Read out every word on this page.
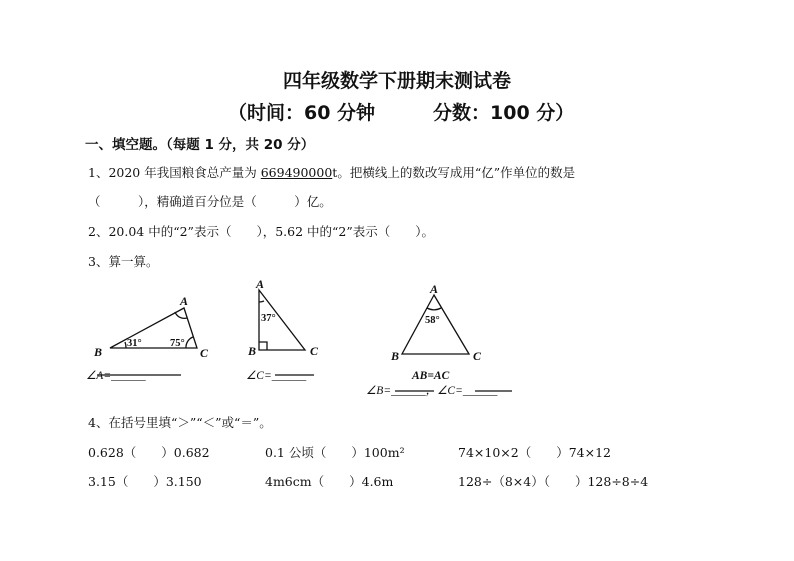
四年级数学下册期末测试卷
（时间：60 分钟	分数：100 分）
一、填空题。（每题 1 分，共 20 分）
1、2020 年我国粮食总产量为 669490000t。把横线上的数改写成用“亿”作单位的数是
（　　　），精确道百分位是（　　　）亿。
2、20.04 中的“2”表示（　　），5.62 中的“2”表示（　　）。
3、算一算。
A
B	C
A
B	C
A
B	C
31°	75°
37°	58°
∠A=______	∠C=______	AB=AC
∠B=______，∠C=______
4、在括号里填“＞”“＜”或“＝”。
0.628（　　）0.682	0.1 公顷（　　）100m²	74×10×2（　　）74×12
3.15（　　）3.150	4m6cm（　　）4.6m	128÷（8×4）（　　）128÷8÷4
